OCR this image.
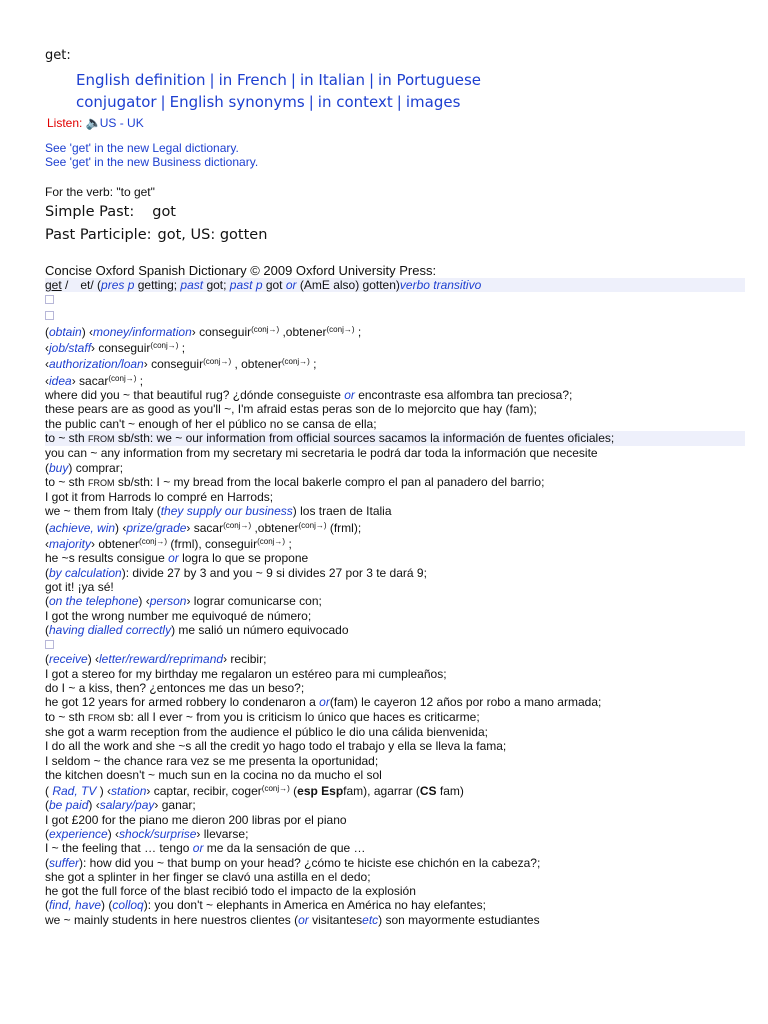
get:
English definition | in French | in Italian | in Portuguese
conjugator | English synonyms | in context | images
Listen: 🔈US - UK
See 'get' in the new Legal dictionary.
See 'get' in the new Business dictionary.
For the verb: "to get"
Simple Past: got
Past Participle: got, US: gotten
Concise Oxford Spanish Dictionary © 2009 Oxford University Press:
get / et/ (pres p getting; past got; past p got or (AmE also) gotten)verbo transitivo
(obtain) ‹money/information› conseguir$^{(conj\to)}$ ,obtener$^{(conj\to)}$ ;
‹job/staff› conseguir$^{(conj\to)}$ ;
‹authorization/loan› conseguir$^{(conj\to)}$ , obtener$^{(conj\to)}$ ;
‹idea› sacar$^{(conj\to)}$ ;
where did you ~ that beautiful rug? ¿dónde conseguiste or encontraste esa alfombra tan preciosa?;
these pears are as good as you'll ~, I'm afraid estas peras son de lo mejorcito que hay (fam);
the public can't ~ enough of her el público no se cansa de ella;
to ~ sth FROM sb/sth: we ~ our information from official sources sacamos la información de fuentes oficiales;
you can ~ any information from my secretary mi secretaria le podrá dar toda la información que necesite
(buy) comprar;
to ~ sth FROM sb/sth: I ~ my bread from the local bakerle compro el pan al panadero del barrio;
I got it from Harrods lo compré en Harrods;
we ~ them from Italy (they supply our business) los traen de Italia
(achieve, win) ‹prize/grade› sacar$^{(conj\to)}$ ,obtener$^{(conj\to)}$ (frml);
‹majority› obtener$^{(conj\to)}$ (frml), conseguir$^{(conj\to)}$ ;
he ~s results consigue or logra lo que se propone
(by calculation): divide 27 by 3 and you ~ 9 si divides 27 por 3 te dará 9;
got it! ¡ya sé!
(on the telephone) ‹person› lograr comunicarse con;
I got the wrong number me equivoqué de número;
(having dialled correctly) me salió un número equivocado
(receive) ‹letter/reward/reprimand› recibir;
I got a stereo for my birthday me regalaron un estéreo para mi cumpleaños;
do I ~ a kiss, then? ¿entonces me das un beso?;
he got 12 years for armed robbery lo condenaron a or(fam) le cayeron 12 años por robo a mano armada;
to ~ sth FROM sb: all I ever ~ from you is criticism lo único que haces es criticarme;
she got a warm reception from the audience el público le dio una cálida bienvenida;
I do all the work and she ~s all the credit yo hago todo el trabajo y ella se lleva la fama;
I seldom ~ the chance rara vez se me presenta la oportunidad;
the kitchen doesn't ~ much sun en la cocina no da mucho el sol
( Rad, TV ) ‹station› captar, recibir, coger$^{(conj\to)}$ (esp Espfam), agarrar (CS fam)
(be paid) ‹salary/pay› ganar;
I got £200 for the piano me dieron 200 libras por el piano
(experience) ‹shock/surprise› llevarse;
I ~ the feeling that … tengo or me da la sensación de que …
(suffer): how did you ~ that bump on your head? ¿cómo te hiciste ese chichón en la cabeza?;
she got a splinter in her finger se clavó una astilla en el dedo;
he got the full force of the blast recibió todo el impacto de la explosión
(find, have) (colloq): you don't ~ elephants in America en América no hay elefantes;
we ~ mainly students in here nuestros clientes (or visitantesetc) son mayormente estudiantes
